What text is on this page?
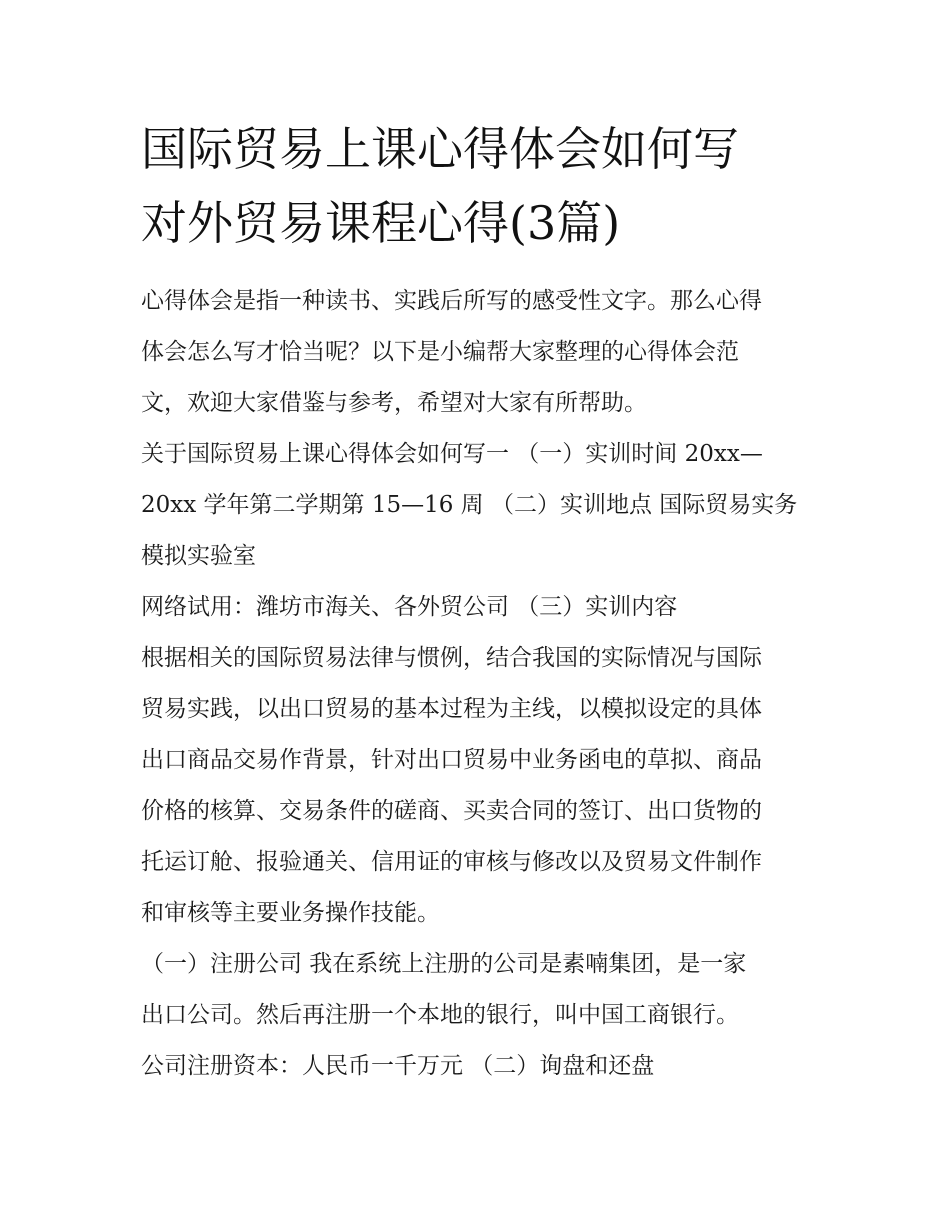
国际贸易上课心得体会如何写
对外贸易课程心得(3篇)

心得体会是指一种读书、实践后所写的感受性文字。那么心得

体会怎么写才恰当呢？以下是小编帮大家整理的心得体会范

文，欢迎大家借鉴与参考，希望对大家有所帮助。

关于国际贸易上课心得体会如何写一 （一）实训时间 20xx—

20xx 学年第二学期第 15—16 周 （二）实训地点 国际贸易实务

模拟实验室

网络试用：潍坊市海关、各外贸公司 （三）实训内容

根据相关的国际贸易法律与惯例，结合我国的实际情况与国际

贸易实践，以出口贸易的基本过程为主线，以模拟设定的具体

出口商品交易作背景，针对出口贸易中业务函电的草拟、商品

价格的核算、交易条件的磋商、买卖合同的签订、出口货物的

托运订舱、报验通关、信用证的审核与修改以及贸易文件制作

和审核等主要业务操作技能。

（一）注册公司 我在系统上注册的公司是素喃集团，是一家

出口公司。然后再注册一个本地的银行，叫中国工商银行。

公司注册资本：人民币一千万元 （二）询盘和还盘
